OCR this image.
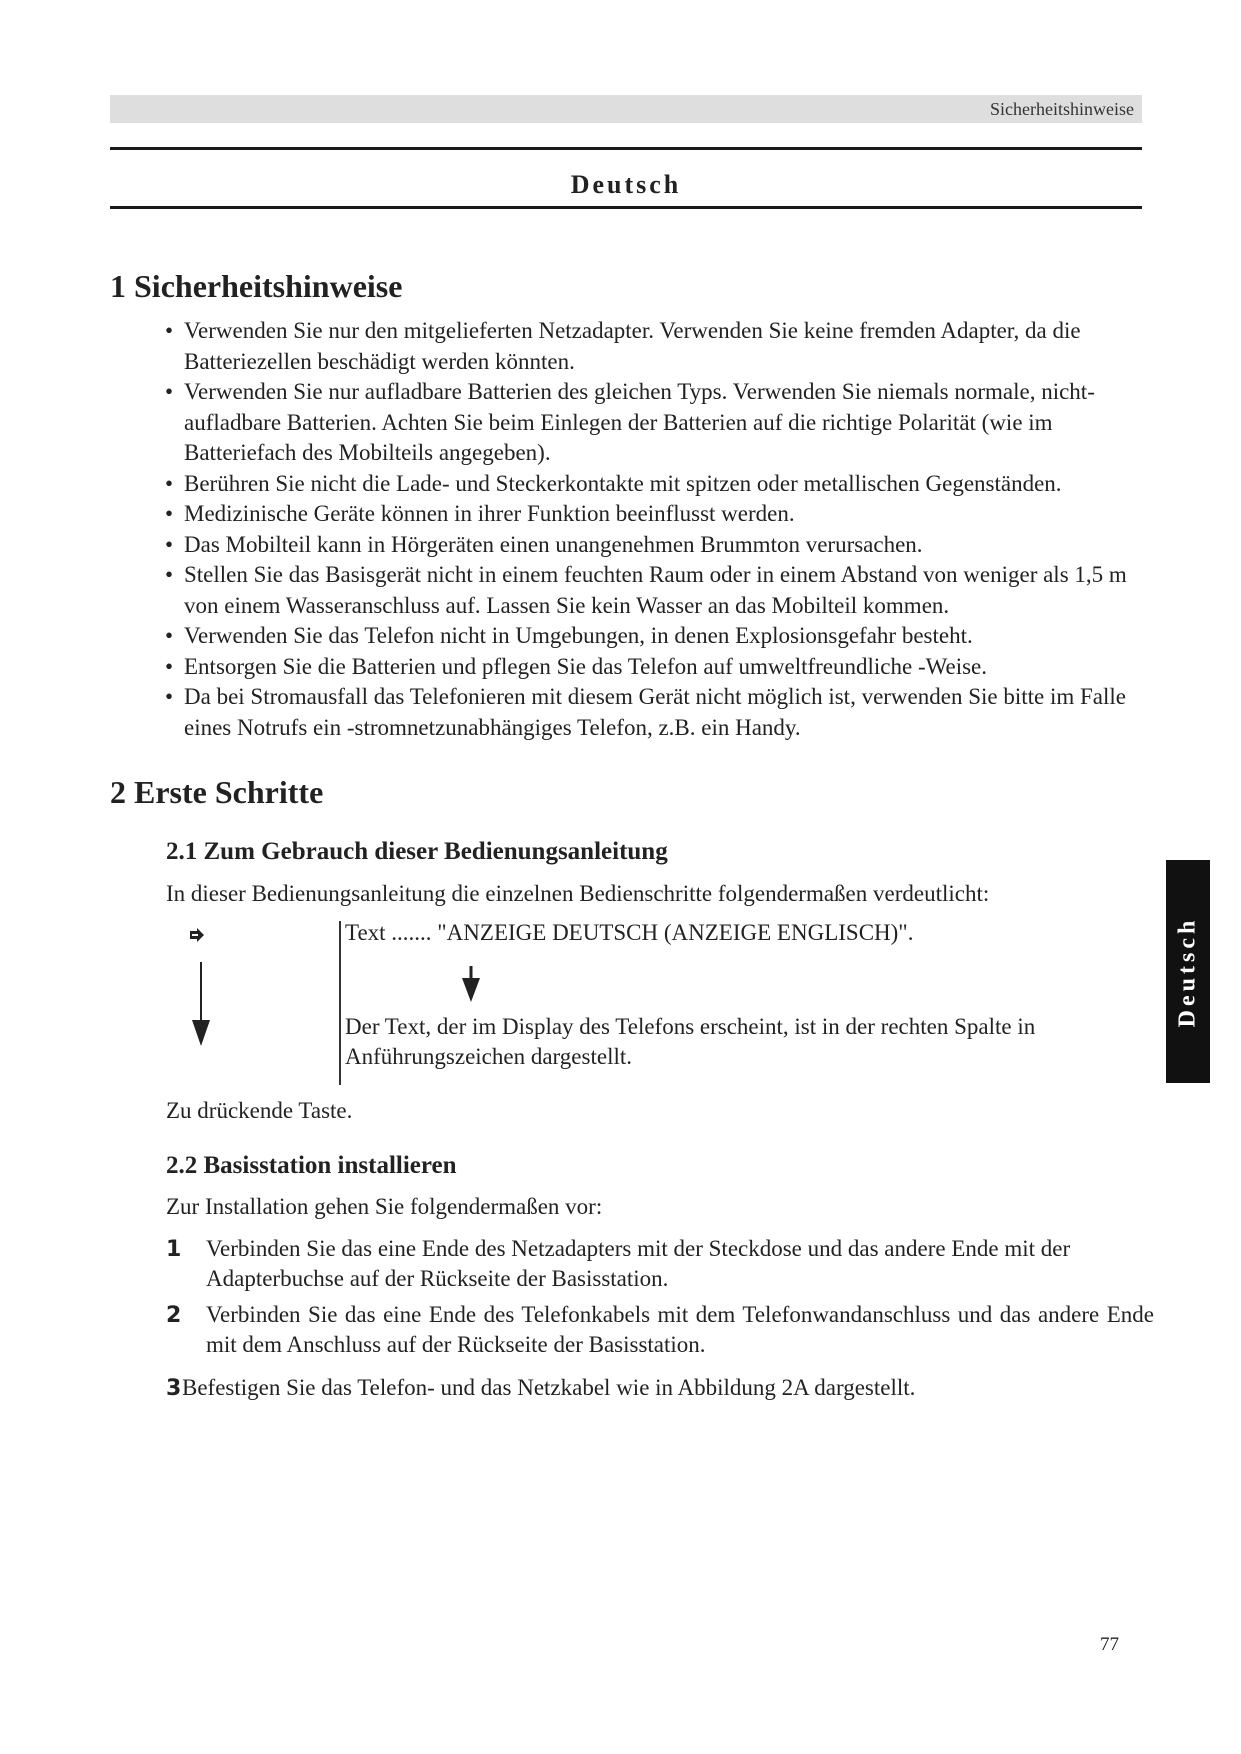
Sicherheitshinweise
Deutsch
Deutsch
1 Sicherheitshinweise
• Verwenden Sie nur den mitgelieferten Netzadapter. Verwenden Sie keine fremden Adapter, da die Batteriezellen beschädigt werden könnten.
• Verwenden Sie nur aufladbare Batterien des gleichen Typs. Verwenden Sie niemals normale, nicht-aufladbare Batterien. Achten Sie beim Einlegen der Batterien auf die richtige Polarität (wie im Batteriefach des Mobilteils angegeben).
• Berühren Sie nicht die Lade- und Steckerkontakte mit spitzen oder metallischen Gegenständen.
• Medizinische Geräte können in ihrer Funktion beeinflusst werden.
• Das Mobilteil kann in Hörgeräten einen unangenehmen Brummton verursachen.
• Stellen Sie das Basisgerät nicht in einem feuchten Raum oder in einem Abstand von weniger als 1,5 m von einem Wasseranschluss auf. Lassen Sie kein Wasser an das Mobilteil kommen.
• Verwenden Sie das Telefon nicht in Umgebungen, in denen Explosionsgefahr besteht.
• Entsorgen Sie die Batterien und pflegen Sie das Telefon auf umweltfreundliche -Weise.
• Da bei Stromausfall das Telefonieren mit diesem Gerät nicht möglich ist, verwenden Sie bitte im Falle eines Notrufs ein -stromnetzunabhängiges Telefon, z.B. ein Handy.
2 Erste Schritte
2.1 Zum Gebrauch dieser Bedienungsanleitung
In dieser Bedienungsanleitung die einzelnen Bedienschritte folgendermaßen verdeutlicht:
Text ....... "ANZEIGE DEUTSCH (ANZEIGE ENGLISCH)".
Der Text, der im Display des Telefons erscheint, ist in der rechten Spalte in Anführungszeichen dargestellt.
Zu drückende Taste.
2.2 Basisstation installieren
Zur Installation gehen Sie folgendermaßen vor:
1 Verbinden Sie das eine Ende des Netzadapters mit der Steckdose und das andere Ende mit der Adapterbuchse auf der Rückseite der Basisstation.
2 Verbinden Sie das eine Ende des Telefonkabels mit dem Telefonwandanschluss und das andere Ende mit dem Anschluss auf der Rückseite der Basisstation.
3 Befestigen Sie das Telefon- und das Netzkabel wie in Abbildung 2A dargestellt.
77
